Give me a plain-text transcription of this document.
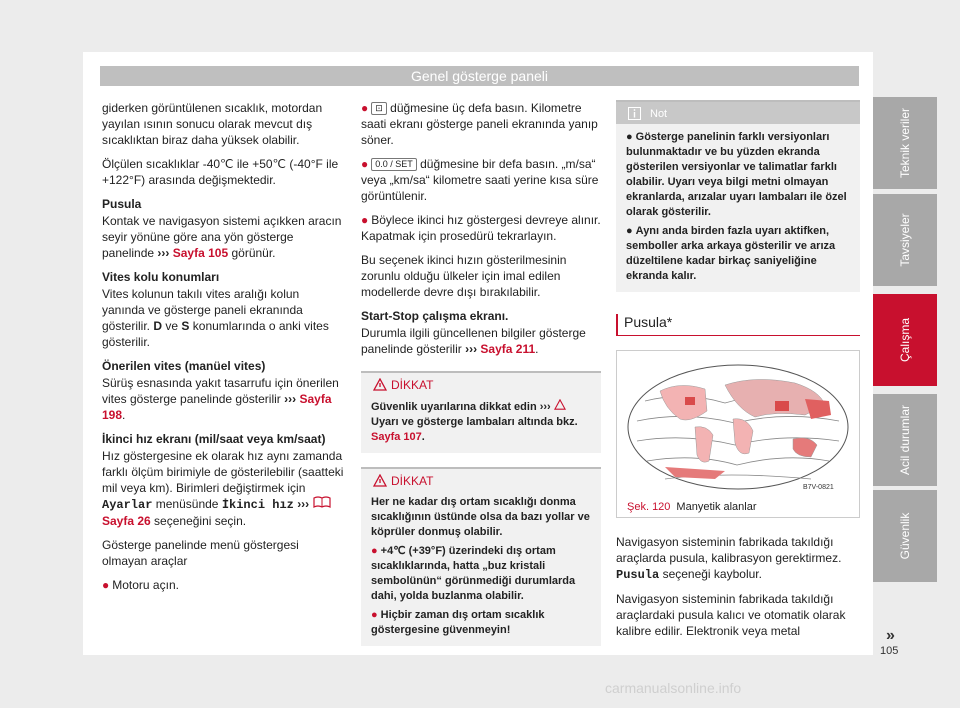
Genel gösterge paneli

giderken görüntülenen sıcaklık, motordan yayılan ısının sonucu olarak mevcut dış sıcaklıktan biraz daha yüksek olabilir.

Ölçülen sıcaklıklar -40℃ ile +50℃ (-40°F ile +122°F) arasında değişmektedir.

Pusula

Kontak ve navigasyon sistemi açıkken aracın seyir yönüne göre ana yön gösterge panelinde ››› Sayfa 105 görünür.

Vites kolu konumları

Vites kolunun takılı vites aralığı kolun yanında ve gösterge paneli ekranında gösterilir. D ve S konumlarında o anki vites gösterilir.

Önerilen vites (manüel vites)

Sürüş esnasında yakıt tasarrufu için önerilen vites gösterge panelinde gösterilir ››› Sayfa 198.

İkinci hız ekranı (mil/saat veya km/saat)

Hız göstergesine ek olarak hız aynı zamanda farklı ölçüm birimiyle de gösterilebilir (saatteki mil veya km). Birimleri değiştirmek için Ayarlar menüsünde İkinci hız ›››  Sayfa 26 seçeneğini seçin.

Gösterge panelinde menü göstergesi olmayan araçlar

● Motoru açın.

● ⊡ düğmesine üç defa basın. Kilometre saati ekranı gösterge paneli ekranında yanıp söner.

● 0.0 / SET düğmesine bir defa basın. „m/sa“ veya „km/sa“ kilometre saati yerine kısa süre görüntülenir.

● Böylece ikinci hız göstergesi devreye alınır. Kapatmak için prosedürü tekrarlayın.

Bu seçenek ikinci hızın gösterilmesinin zorunlu olduğu ülkeler için imal edilen modellerde devre dışı bırakılabilir.

Start-Stop çalışma ekranı.

Durumla ilgili güncellenen bilgiler gösterge panelinde gösterilir ››› Sayfa 211.

DİKKAT
Güvenlik uyarılarına dikkat edin ›››
Uyarı ve gösterge lambaları altında bkz.
Sayfa 107.
DİKKAT

Her ne kadar dış ortam sıcaklığı donma sıcaklığının üstünde olsa da bazı yollar ve köprüler donmuş olabilir.

● +4℃ (+39°F) üzerindeki dış ortam sıcaklıklarında, hatta „buz kristali sembolünün“ görünmediği durumlarda dahi, yolda buzlanma olabilir.

● Hiçbir zaman dış ortam sıcaklık göstergesine güvenmeyin!

Not

● Gösterge panelinin farklı versiyonları bulunmaktadır ve bu yüzden ekranda gösterilen versiyonlar ve talimatlar farklı olabilir. Uyarı veya bilgi metni olmayan ekranlarda, arızalar uyarı lambaları ile özel olarak gösterilir.

● Aynı anda birden fazla uyarı aktifken, semboller arka arkaya gösterilir ve arıza düzeltilene kadar birkaç saniyeliğine ekranda kalır.

Pusula*
B7V-0821
Şek. 120 Manyetik alanlar

Navigasyon sisteminin fabrikada takıldığı araçlarda pusula, kalibrasyon gerektirmez. Pusula seçeneği kaybolur.

Navigasyon sisteminin fabrikada takıldığı araçlardaki pusula kalıcı ve otomatik olarak kalibre edilir. Elektronik veya metal

Teknik veriler
Tavsiyeler
Çalışma
Acil durumlar
Güvenlik
»
105
carmanualsonline.info
